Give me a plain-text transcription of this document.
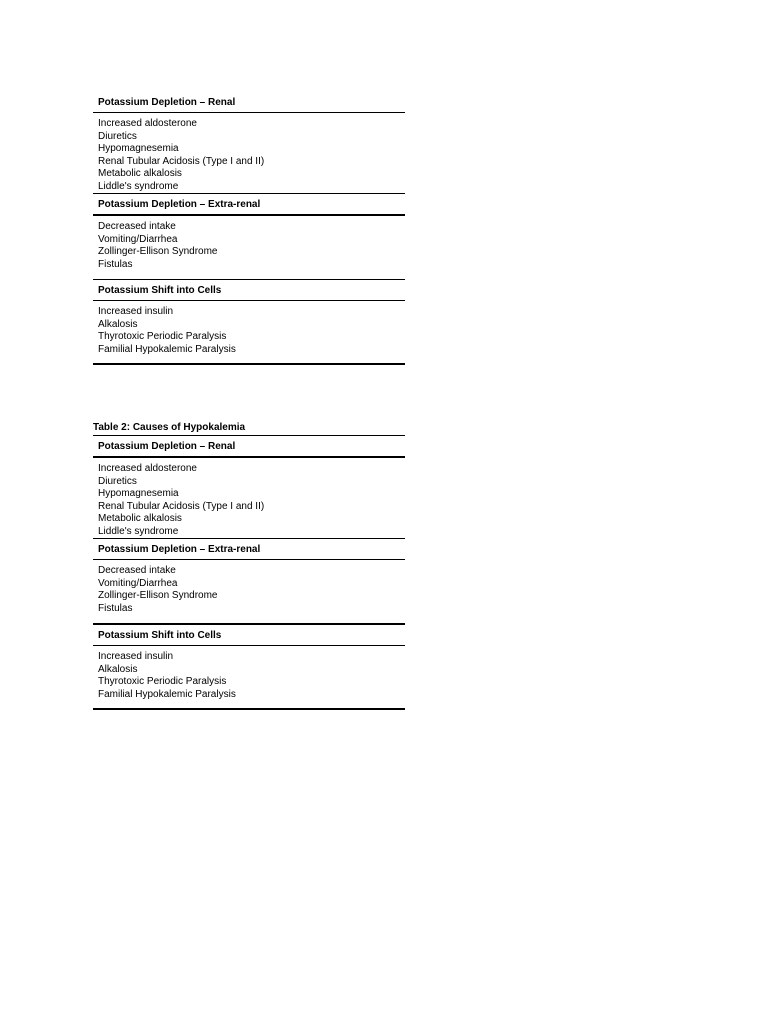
Potassium Depletion – Renal
Increased aldosterone
Diuretics
Hypomagnesemia
Renal Tubular Acidosis (Type I and II)
Metabolic alkalosis
Liddle's syndrome
Potassium Depletion – Extra-renal
Decreased intake
Vomiting/Diarrhea
Zollinger-Ellison Syndrome
Fistulas
Potassium Shift into Cells
Increased insulin
Alkalosis
Thyrotoxic Periodic Paralysis
Familial Hypokalemic Paralysis
Table 2: Causes of Hypokalemia
Potassium Depletion – Renal
Increased aldosterone
Diuretics
Hypomagnesemia
Renal Tubular Acidosis (Type I and II)
Metabolic alkalosis
Liddle's syndrome
Potassium Depletion – Extra-renal
Decreased intake
Vomiting/Diarrhea
Zollinger-Ellison Syndrome
Fistulas
Potassium Shift into Cells
Increased insulin
Alkalosis
Thyrotoxic Periodic Paralysis
Familial Hypokalemic Paralysis
